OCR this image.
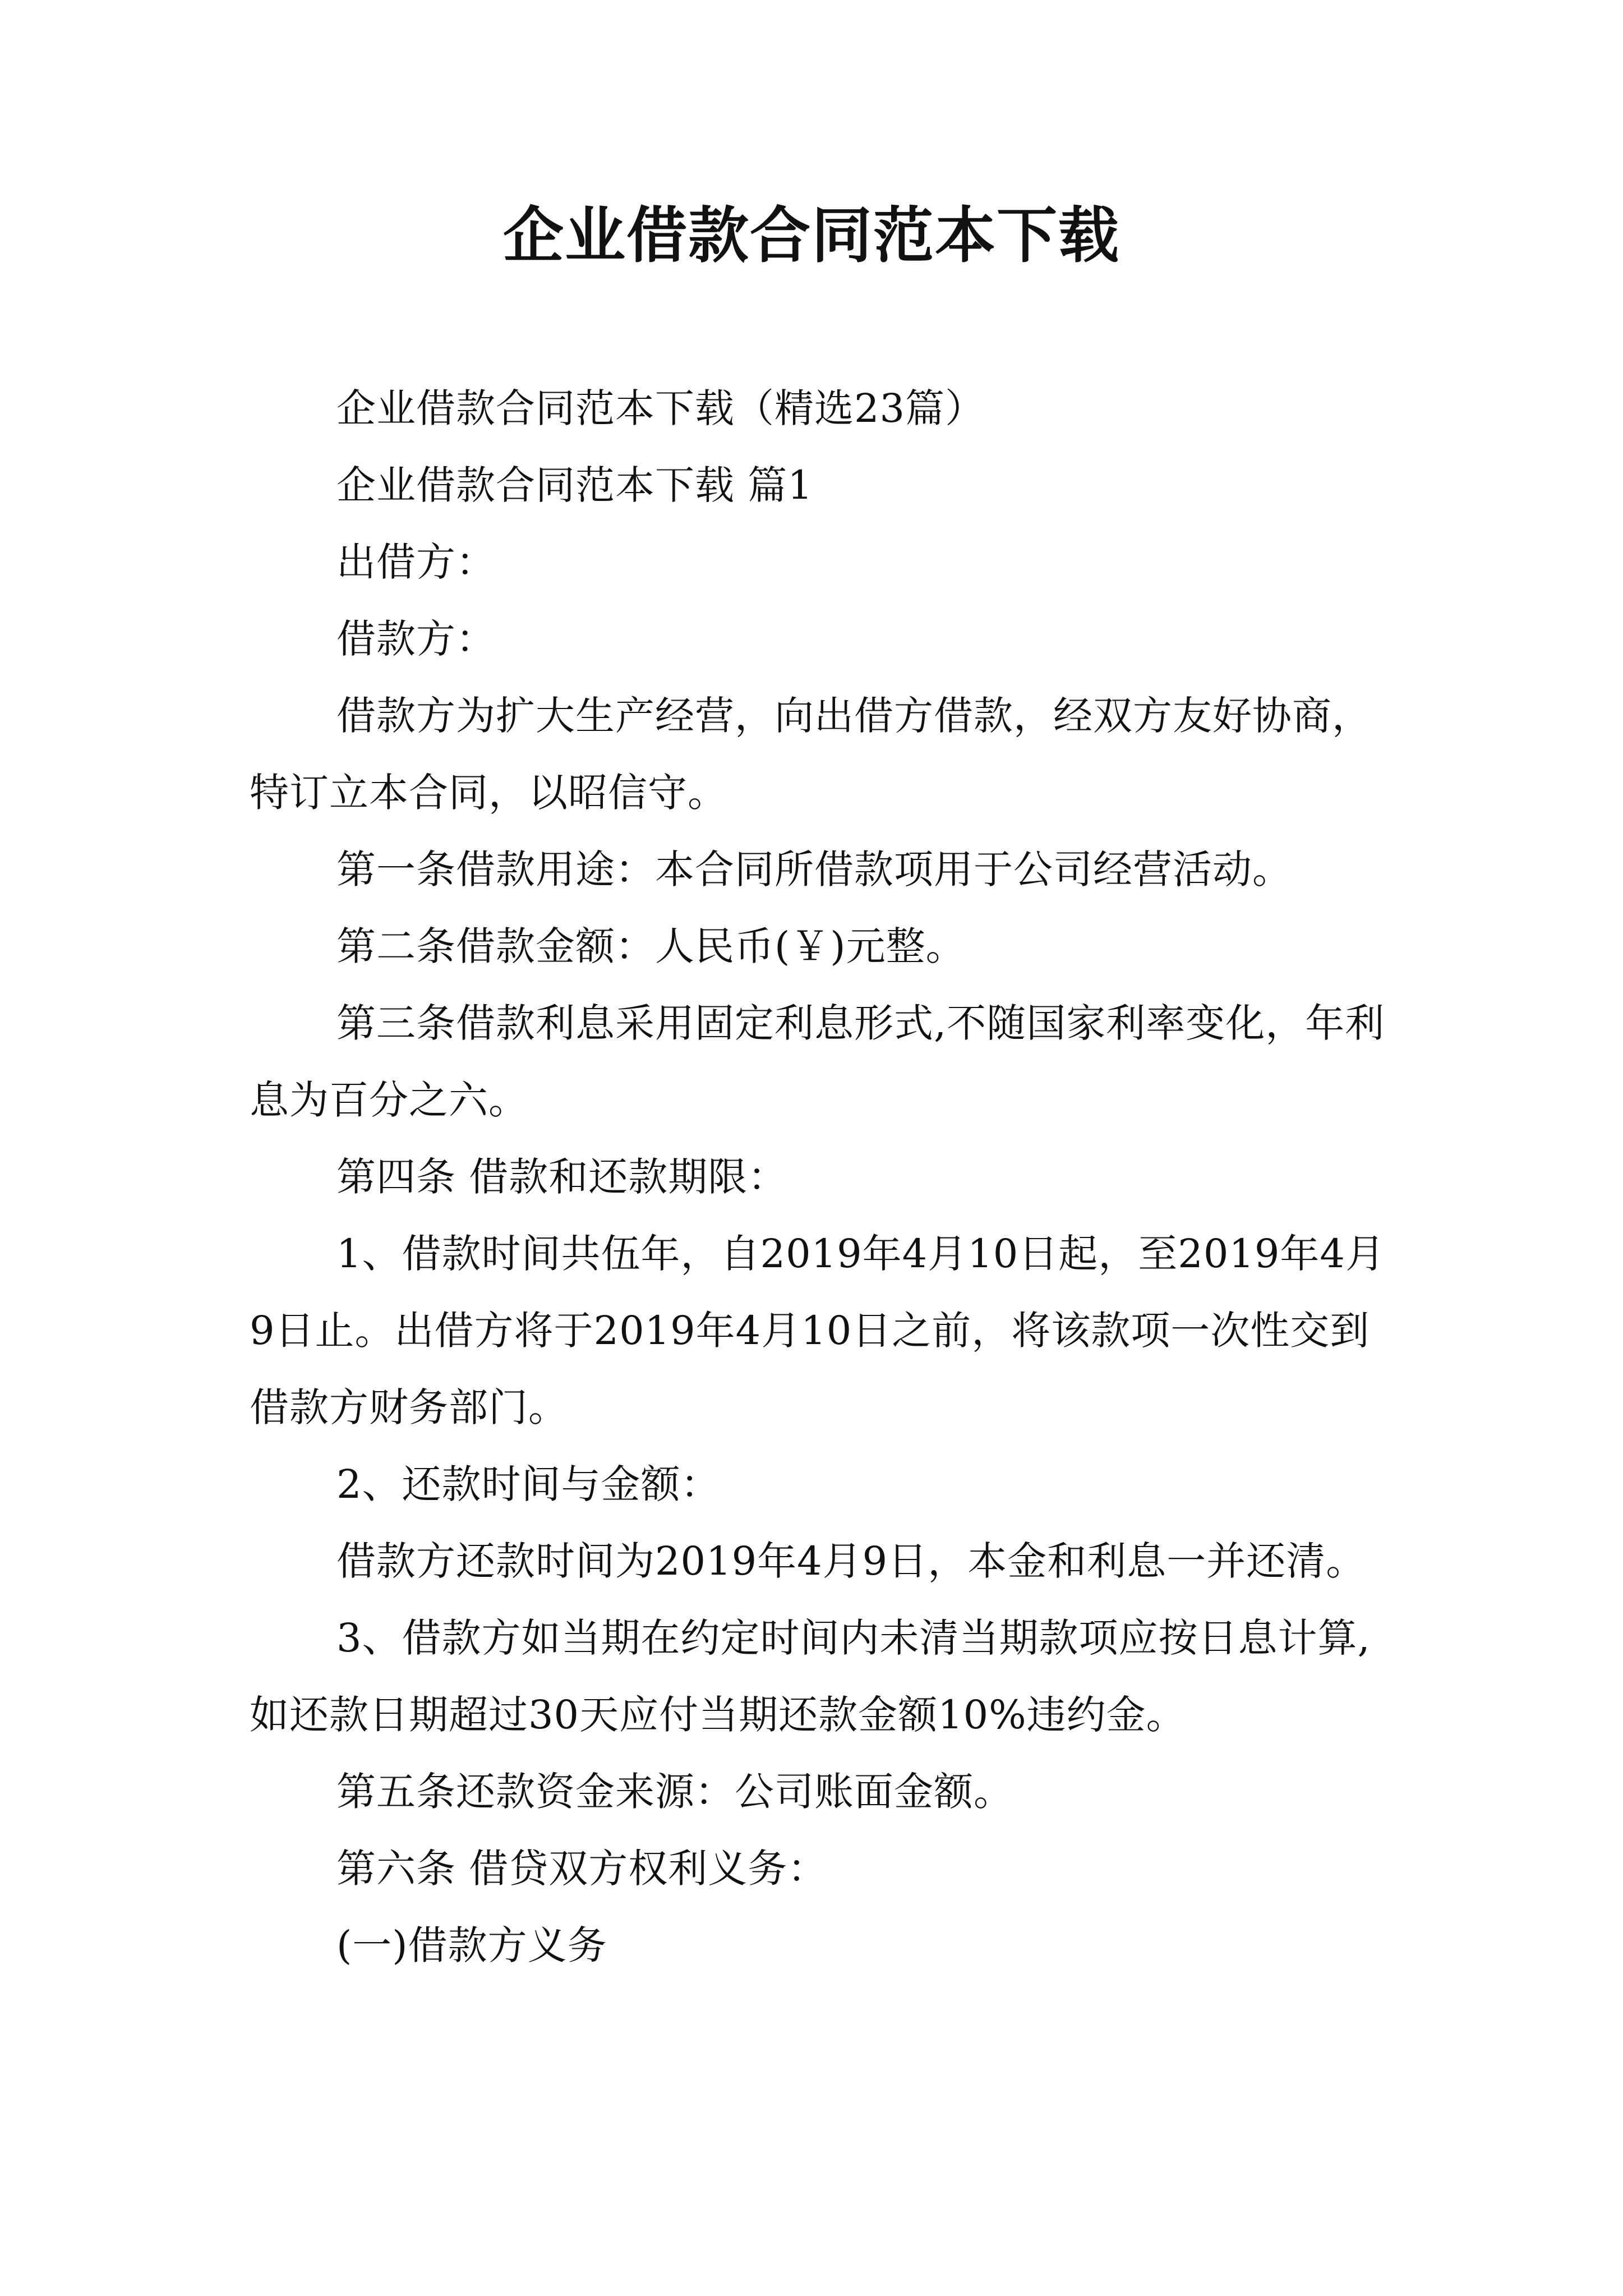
企业借款合同范本下载

企业借款合同范本下载（精选23篇）

企业借款合同范本下载 篇1

出借方：

借款方：

借款方为扩大生产经营，向出借方借款，经双方友好协商，特订立本合同，以昭信守。

第一条借款用途：本合同所借款项用于公司经营活动。

第二条借款金额：人民币(￥)元整。

第三条借款利息采用固定利息形式,不随国家利率变化，年利息为百分之六。

第四条 借款和还款期限：

1、借款时间共伍年，自2019年4月10日起，至2019年4月9日止。出借方将于2019年4月10日之前，将该款项一次性交到借款方财务部门。

2、还款时间与金额：

借款方还款时间为2019年4月9日，本金和利息一并还清。

3、借款方如当期在约定时间内未清当期款项应按日息计算,如还款日期超过30天应付当期还款金额10%违约金。

第五条还款资金来源：公司账面金额。

第六条 借贷双方权利义务：

(一)借款方义务
